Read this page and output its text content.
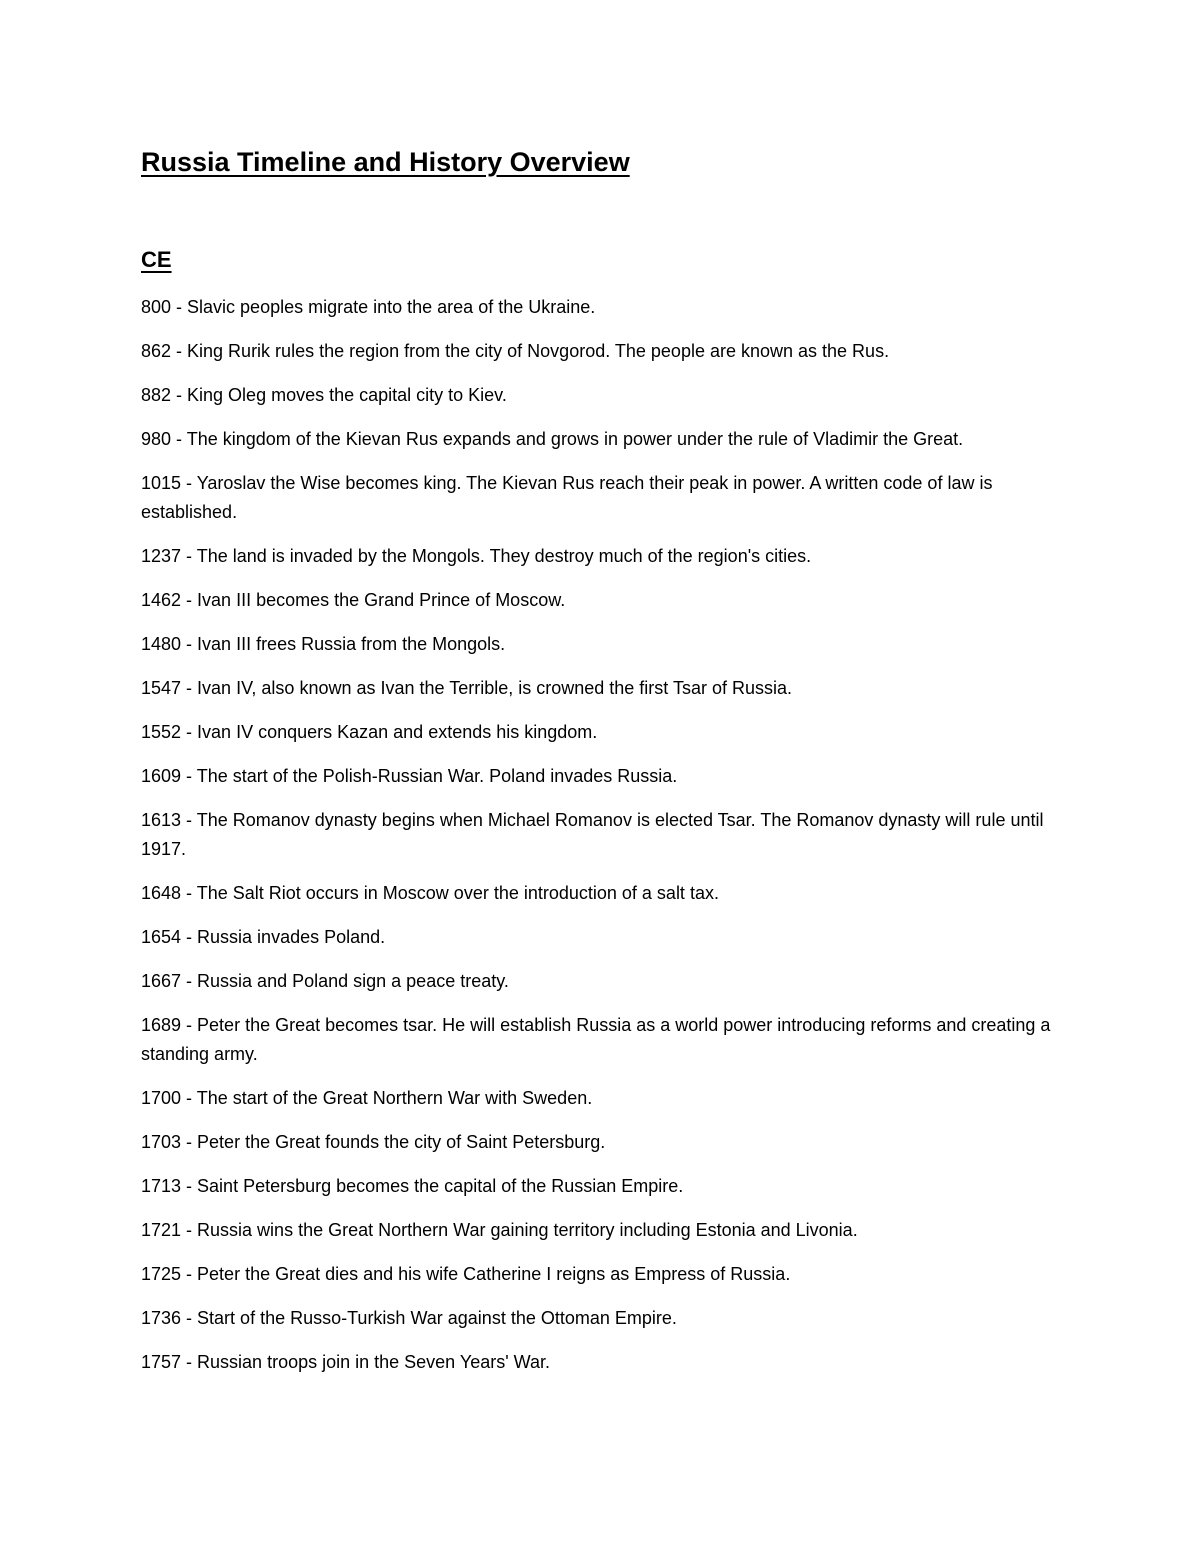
Russia Timeline and History Overview
CE
800 - Slavic peoples migrate into the area of the Ukraine.
862 - King Rurik rules the region from the city of Novgorod. The people are known as the Rus.
882 - King Oleg moves the capital city to Kiev.
980 - The kingdom of the Kievan Rus expands and grows in power under the rule of Vladimir the Great.
1015 - Yaroslav the Wise becomes king. The Kievan Rus reach their peak in power. A written code of law is established.
1237 - The land is invaded by the Mongols. They destroy much of the region's cities.
1462 - Ivan III becomes the Grand Prince of Moscow.
1480 - Ivan III frees Russia from the Mongols.
1547 - Ivan IV, also known as Ivan the Terrible, is crowned the first Tsar of Russia.
1552 - Ivan IV conquers Kazan and extends his kingdom.
1609 - The start of the Polish-Russian War. Poland invades Russia.
1613 - The Romanov dynasty begins when Michael Romanov is elected Tsar. The Romanov dynasty will rule until 1917.
1648 - The Salt Riot occurs in Moscow over the introduction of a salt tax.
1654 - Russia invades Poland.
1667 - Russia and Poland sign a peace treaty.
1689 - Peter the Great becomes tsar. He will establish Russia as a world power introducing reforms and creating a standing army.
1700 - The start of the Great Northern War with Sweden.
1703 - Peter the Great founds the city of Saint Petersburg.
1713 - Saint Petersburg becomes the capital of the Russian Empire.
1721 - Russia wins the Great Northern War gaining territory including Estonia and Livonia.
1725 - Peter the Great dies and his wife Catherine I reigns as Empress of Russia.
1736 - Start of the Russo-Turkish War against the Ottoman Empire.
1757 - Russian troops join in the Seven Years' War.
